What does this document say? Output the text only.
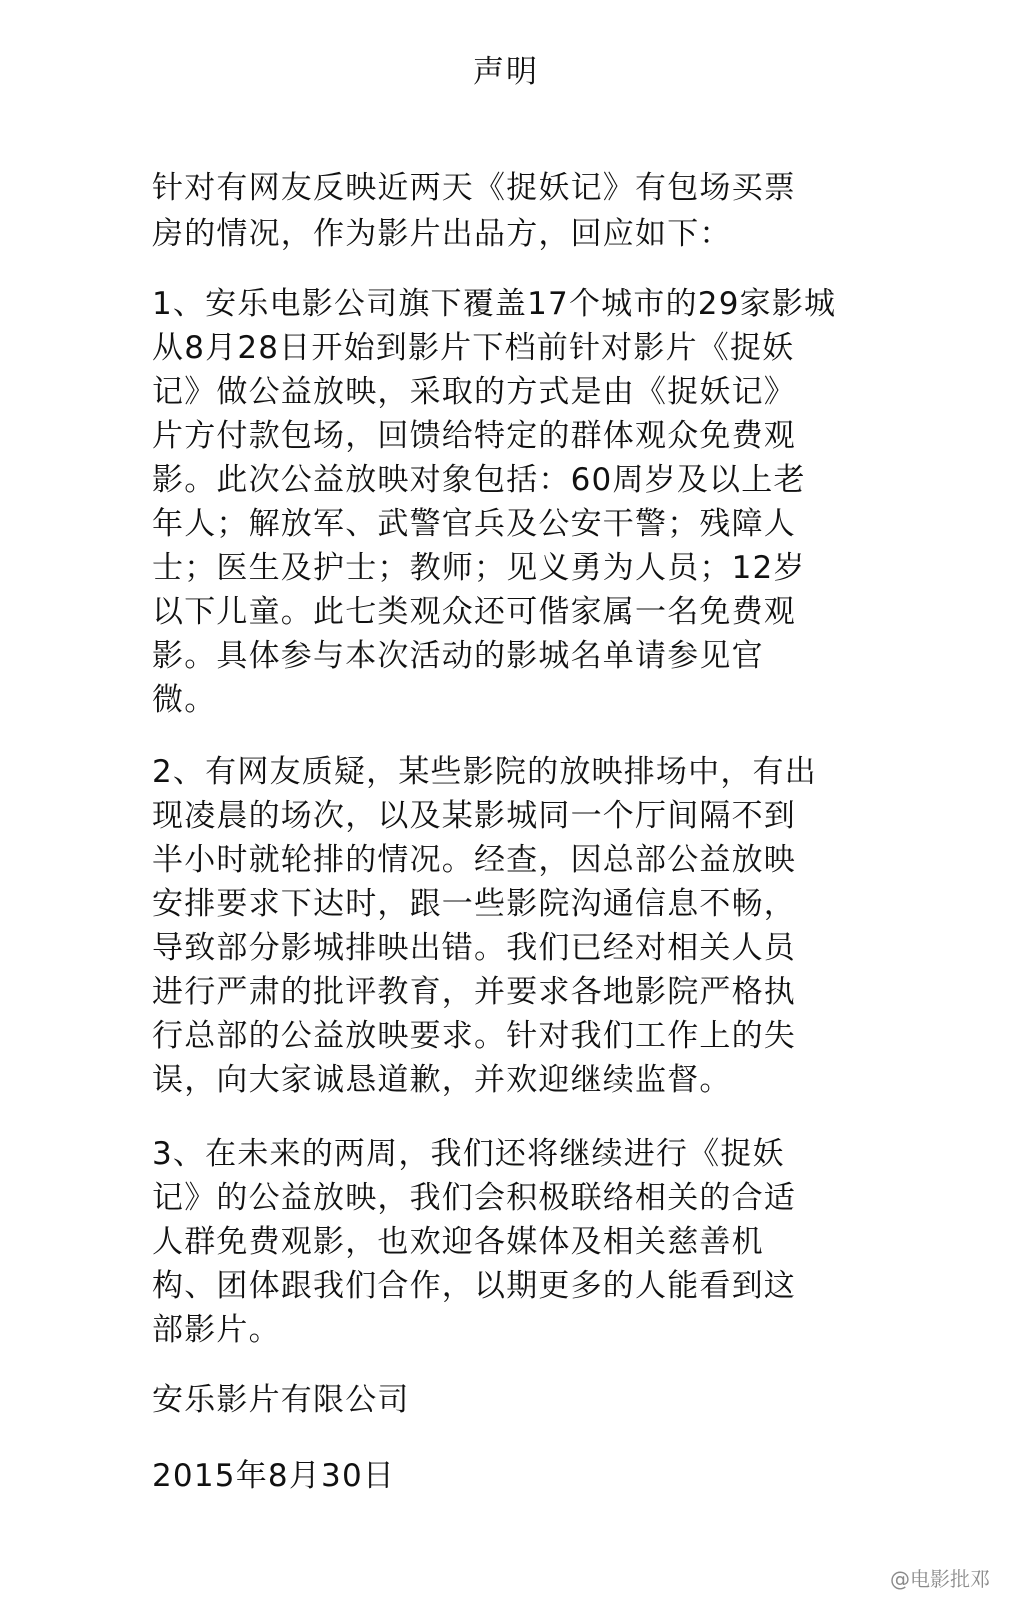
声明
针对有网友反映近两天《捉妖记》有包场买票
房的情况，作为影片出品方，回应如下：
1、安乐电影公司旗下覆盖17个城市的29家影城
从8月28日开始到影片下档前针对影片《捉妖
记》做公益放映，采取的方式是由《捉妖记》
片方付款包场，回馈给特定的群体观众免费观
影。此次公益放映对象包括：60周岁及以上老
年人；解放军、武警官兵及公安干警；残障人
士；医生及护士；教师；见义勇为人员；12岁
以下儿童。此七类观众还可偕家属一名免费观
影。具体参与本次活动的影城名单请参见官
微。
2、有网友质疑，某些影院的放映排场中，有出
现凌晨的场次，以及某影城同一个厅间隔不到
半小时就轮排的情况。经查，因总部公益放映
安排要求下达时，跟一些影院沟通信息不畅，
导致部分影城排映出错。我们已经对相关人员
进行严肃的批评教育，并要求各地影院严格执
行总部的公益放映要求。针对我们工作上的失
误，向大家诚恳道歉，并欢迎继续监督。
3、在未来的两周，我们还将继续进行《捉妖
记》的公益放映，我们会积极联络相关的合适
人群免费观影，也欢迎各媒体及相关慈善机
构、团体跟我们合作，以期更多的人能看到这
部影片。
安乐影片有限公司
2015年8月30日
@电影批邓
